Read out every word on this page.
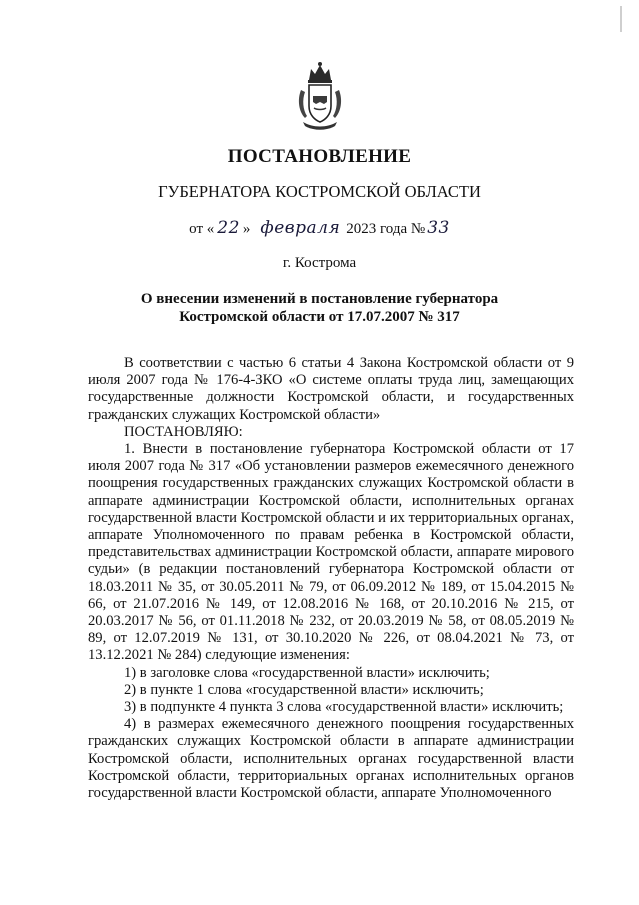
ПОСТАНОВЛЕНИЕ
ГУБЕРНАТОРА КОСТРОМСКОЙ ОБЛАСТИ
от « 22 » февраля 2023 года № 33
г. Кострома
О внесении изменений в постановление губернатора
Костромской области от 17.07.2007 № 317

В соответствии с частью 6 статьи 4 Закона Костромской области от 9 июля 2007 года № 176-4-ЗКО «О системе оплаты труда лиц, замещающих государственные должности Костромской области, и государственных гражданских служащих Костромской области»

ПОСТАНОВЛЯЮ:

1. Внести в постановление губернатора Костромской области от 17 июля 2007 года № 317 «Об установлении размеров ежемесячного денежного поощрения государственных гражданских служащих Костромской области в аппарате администрации Костромской области, исполнительных органах государственной власти Костромской области и их территориальных органах, аппарате Уполномоченного по правам ребенка в Костромской области, представительствах администрации Костромской области, аппарате мирового судьи» (в редакции постановлений губернатора Костромской области от 18.03.2011 № 35, от 30.05.2011 № 79, от 06.09.2012 № 189, от 15.04.2015 № 66, от 21.07.2016 № 149, от 12.08.2016 № 168, от 20.10.2016 № 215, от 20.03.2017 № 56, от 01.11.2018 № 232, от 20.03.2019 № 58, от 08.05.2019 № 89, от 12.07.2019 № 131, от 30.10.2020 № 226, от 08.04.2021 № 73, от 13.12.2021 № 284) следующие изменения:

1) в заголовке слова «государственной власти» исключить;

2) в пункте 1 слова «государственной власти» исключить;

3) в подпункте 4 пункта 3 слова «государственной власти» исключить;

4) в размерах ежемесячного денежного поощрения государственных гражданских служащих Костромской области в аппарате администрации Костромской области, исполнительных органах государственной власти Костромской области, территориальных органах исполнительных органов государственной власти Костромской области, аппарате Уполномоченного
